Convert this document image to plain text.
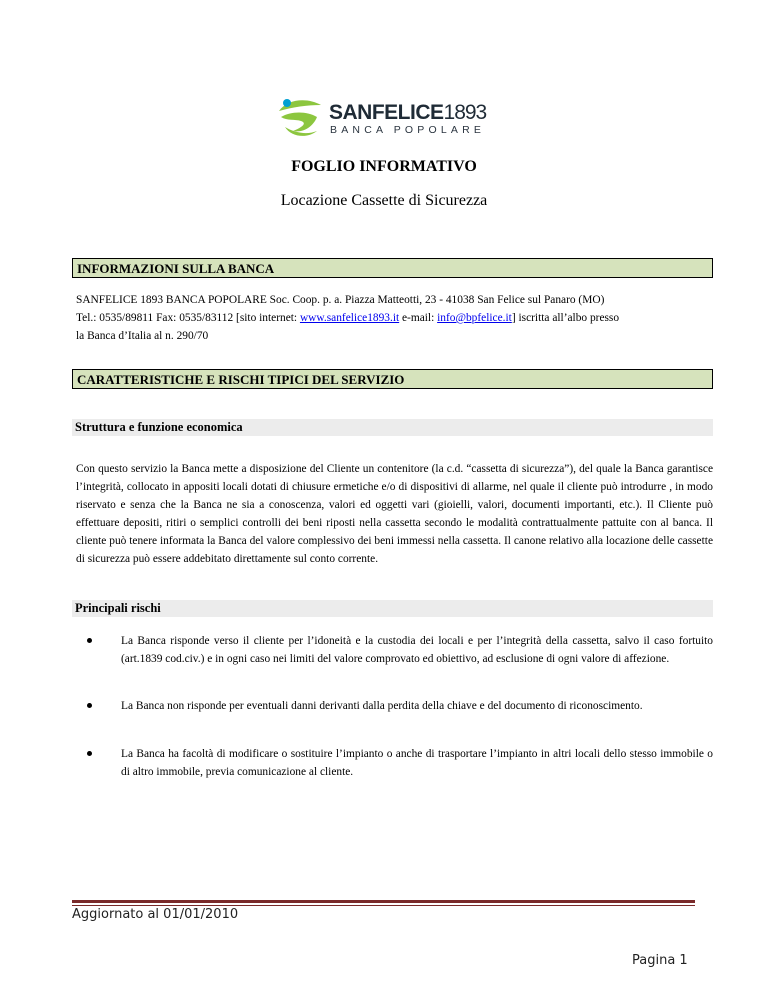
SANFELICE1893
BANCA POPOLARE
FOGLIO INFORMATIVO
Locazione Cassette di Sicurezza
INFORMAZIONI SULLA BANCA
SANFELICE 1893 BANCA POPOLARE Soc. Coop. p. a. Piazza Matteotti, 23 - 41038 San Felice sul Panaro (MO)
Tel.: 0535/89811 Fax: 0535/83112 [sito internet: www.sanfelice1893.it e-mail: info@bpfelice.it] iscritta all’albo presso
la Banca d’Italia al n. 290/70
CARATTERISTICHE E RISCHI TIPICI DEL SERVIZIO
Struttura e funzione economica
Con questo servizio la Banca mette a disposizione del Cliente un contenitore (la c.d. “cassetta di sicurezza”), del quale la Banca garantisce l’integrità, collocato in appositi locali dotati di chiusure ermetiche e/o di dispositivi di allarme, nel quale il cliente può introdurre , in modo riservato e senza che la Banca ne sia a conoscenza, valori ed oggetti vari (gioielli, valori, documenti importanti, etc.). Il Cliente può effettuare depositi, ritiri o semplici controlli dei beni riposti nella cassetta secondo le modalità contrattualmente pattuite con al banca. Il cliente può tenere informata la Banca del valore complessivo dei beni immessi nella cassetta. Il canone relativo alla locazione delle cassette di sicurezza può essere addebitato direttamente sul conto corrente.
Principali rischi
La Banca risponde verso il cliente per l’idoneità e la custodia dei locali e per l’integrità della cassetta, salvo il caso fortuito (art.1839 cod.civ.) e in ogni caso nei limiti del valore comprovato ed obiettivo, ad esclusione di ogni valore di affezione.
La Banca non risponde per eventuali danni derivanti dalla perdita della chiave e del documento di riconoscimento.
La Banca ha facoltà di modificare o sostituire l’impianto o anche di trasportare l’impianto in altri locali dello stesso immobile o di altro immobile, previa comunicazione al cliente.
Aggiornato al 01/01/2010
Pagina 1
